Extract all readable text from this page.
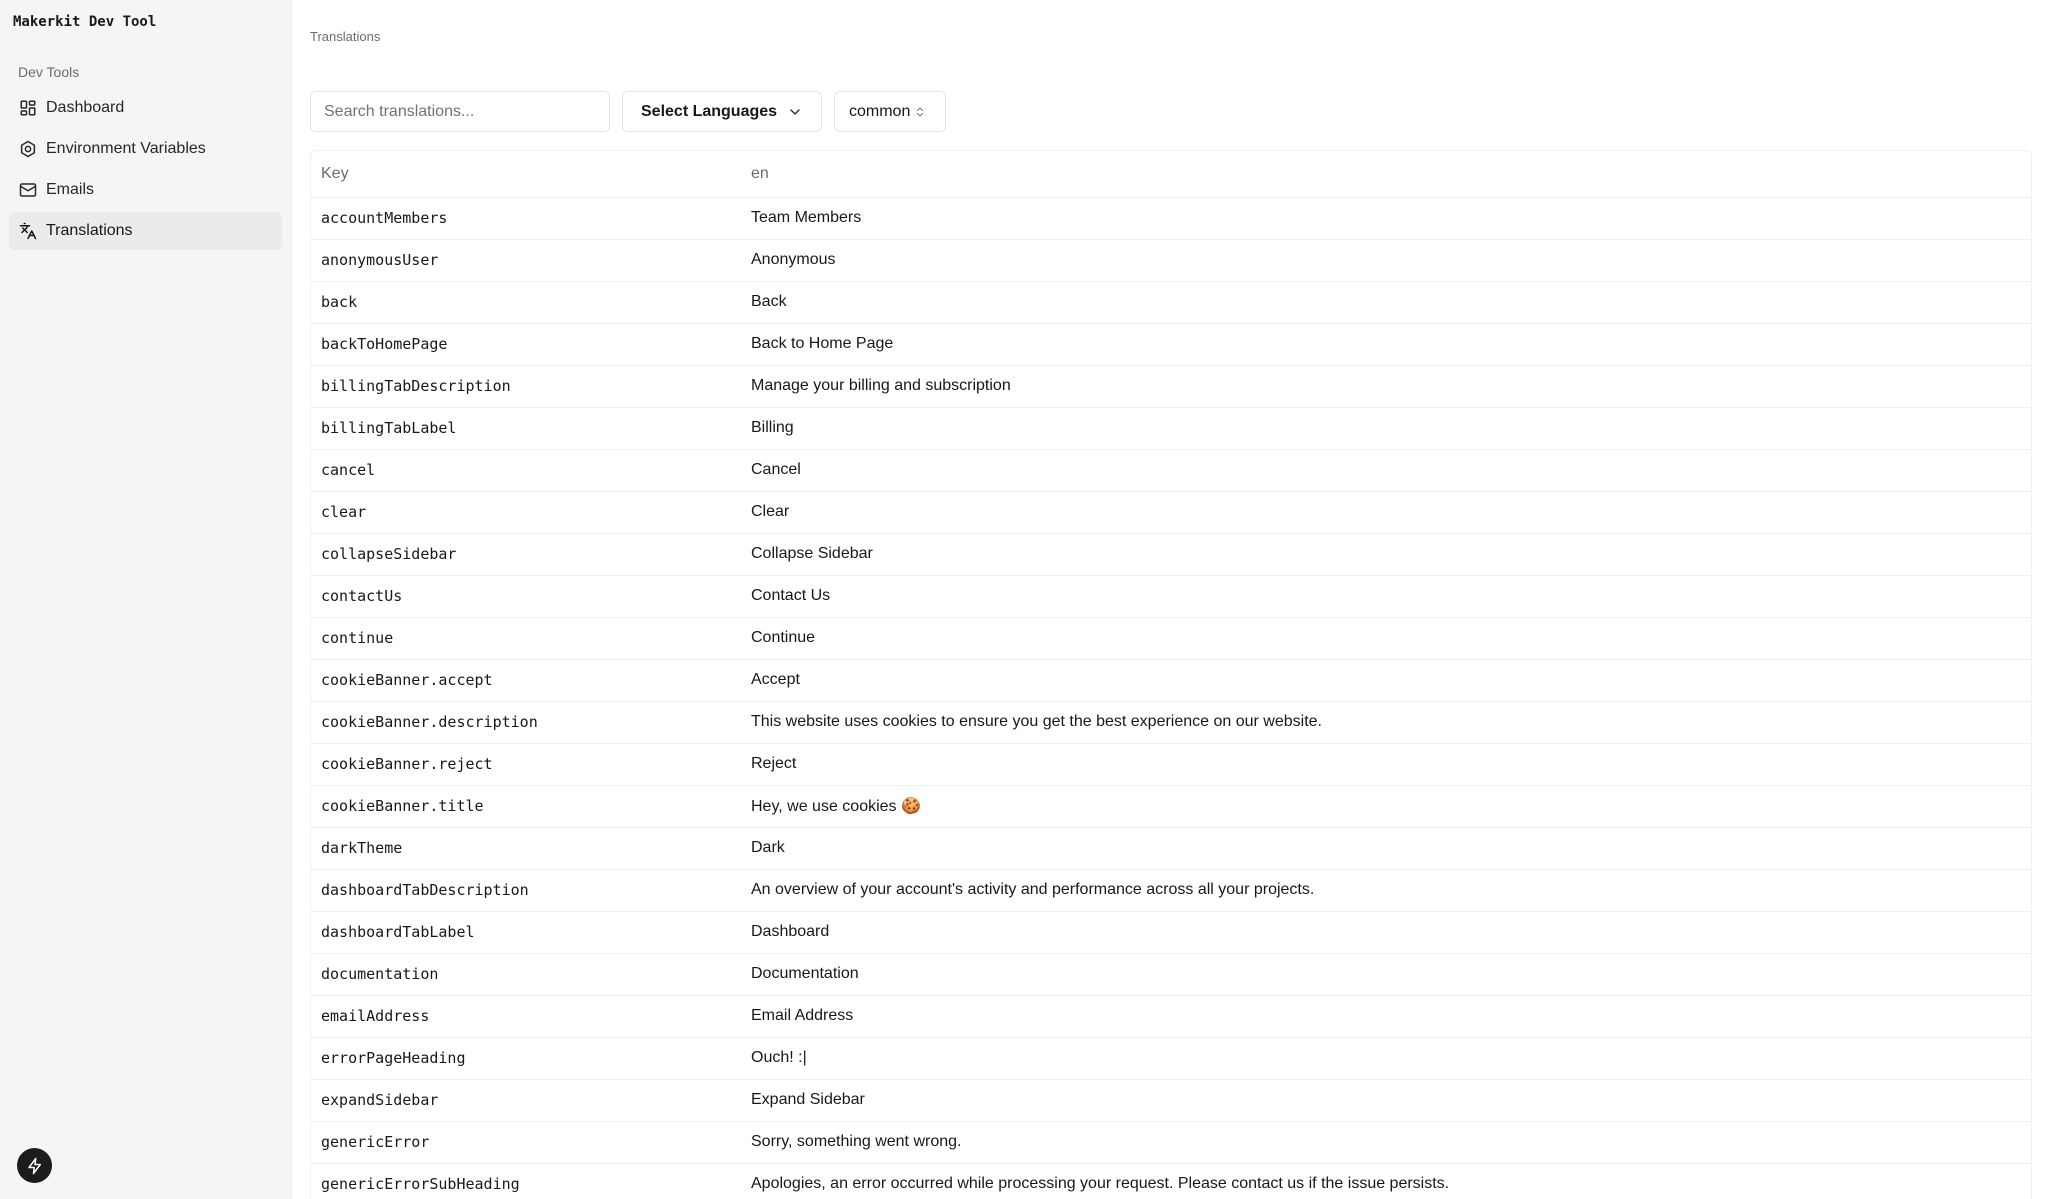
Makerkit Dev Tool
Dev Tools
Dashboard
Environment Variables
Emails
Translations
Translations
Search translations...
Select Languages	common
Key	en
accountMembers	Team Members
anonymousUser	Anonymous
back	Back
backToHomePage	Back to Home Page
billingTabDescription	Manage your billing and subscription
billingTabLabel	Billing
cancel	Cancel
clear	Clear
collapseSidebar	Collapse Sidebar
contactUs	Contact Us
continue	Continue
cookieBanner.accept	Accept
cookieBanner.description	This website uses cookies to ensure you get the best experience on our website.
cookieBanner.reject	Reject
cookieBanner.title	Hey, we use cookies 🍪
darkTheme	Dark
dashboardTabDescription	An overview of your account's activity and performance across all your projects.
dashboardTabLabel	Dashboard
documentation	Documentation
emailAddress	Email Address
errorPageHeading	Ouch! :|
expandSidebar	Expand Sidebar
genericError	Sorry, something went wrong.
genericErrorSubHeading	Apologies, an error occurred while processing your request. Please contact us if the issue persists.
